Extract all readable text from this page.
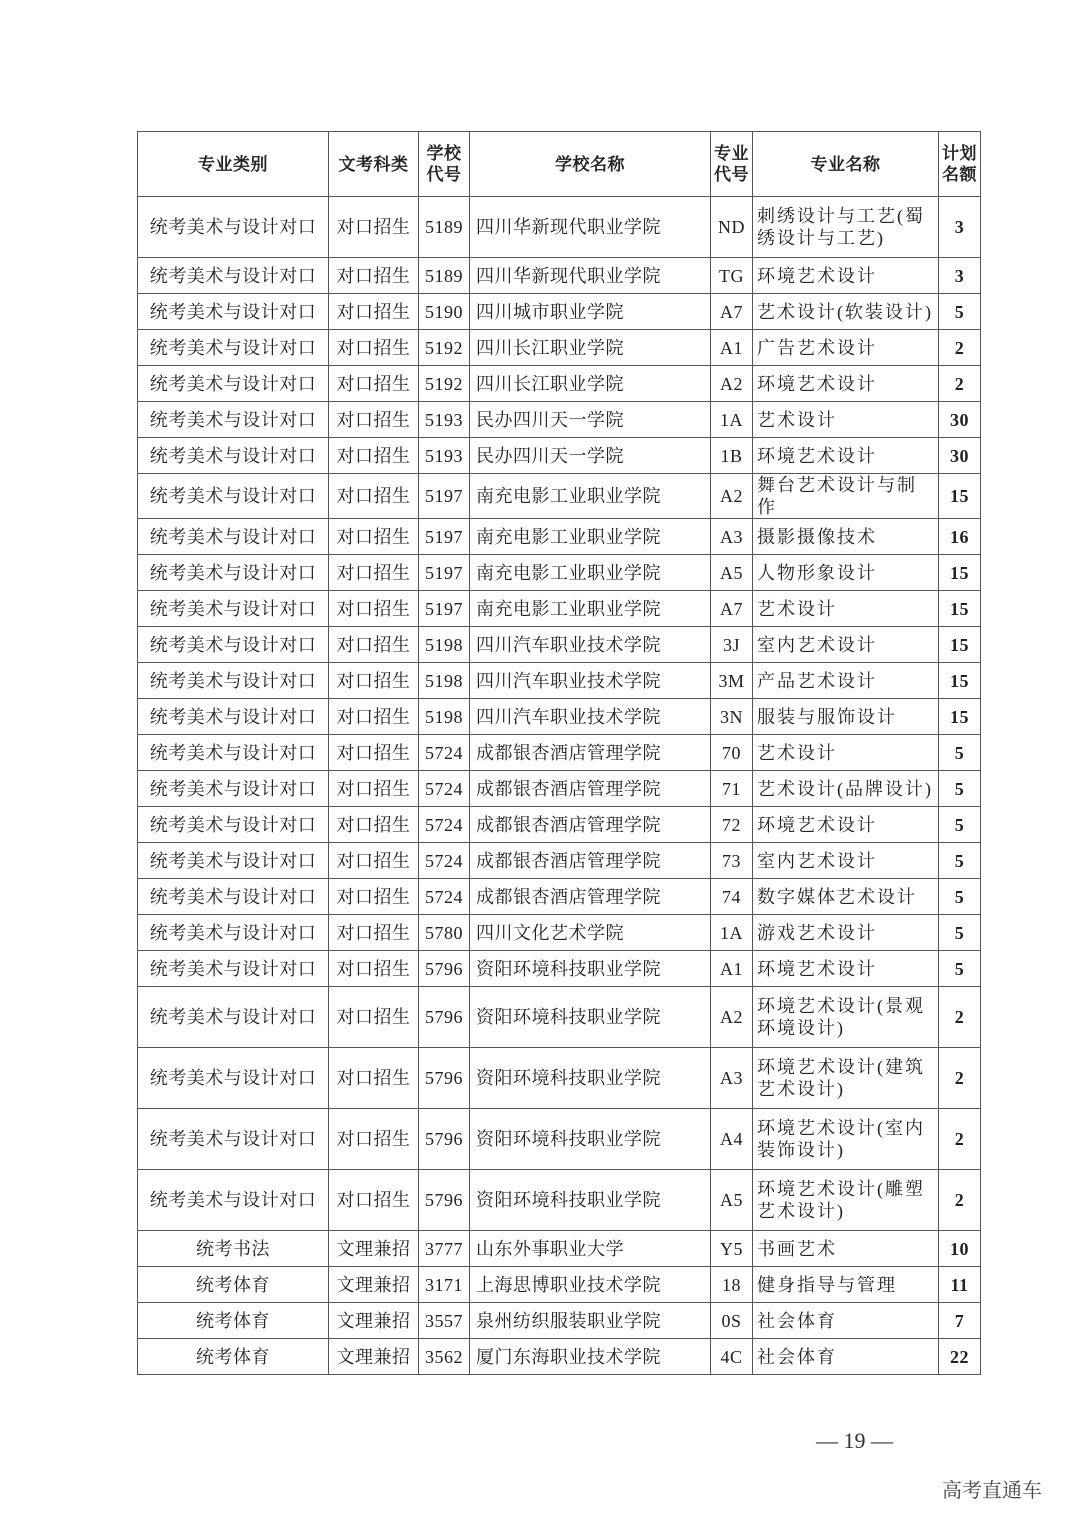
专业类别	文考科类	学校代号	学校名称	专业代号	专业名称	计划名额
统考美术与设计对口	对口招生	5189	四川华新现代职业学院	ND	刺绣设计与工艺(蜀绣设计与工艺)	3
统考美术与设计对口	对口招生	5189	四川华新现代职业学院	TG	环境艺术设计	3
统考美术与设计对口	对口招生	5190	四川城市职业学院	A7	艺术设计(软装设计)	5
统考美术与设计对口	对口招生	5192	四川长江职业学院	A1	广告艺术设计	2
统考美术与设计对口	对口招生	5192	四川长江职业学院	A2	环境艺术设计	2
统考美术与设计对口	对口招生	5193	民办四川天一学院	1A	艺术设计	30
统考美术与设计对口	对口招生	5193	民办四川天一学院	1B	环境艺术设计	30
统考美术与设计对口	对口招生	5197	南充电影工业职业学院	A2	舞台艺术设计与制作	15
统考美术与设计对口	对口招生	5197	南充电影工业职业学院	A3	摄影摄像技术	16
统考美术与设计对口	对口招生	5197	南充电影工业职业学院	A5	人物形象设计	15
统考美术与设计对口	对口招生	5197	南充电影工业职业学院	A7	艺术设计	15
统考美术与设计对口	对口招生	5198	四川汽车职业技术学院	3J	室内艺术设计	15
统考美术与设计对口	对口招生	5198	四川汽车职业技术学院	3M	产品艺术设计	15
统考美术与设计对口	对口招生	5198	四川汽车职业技术学院	3N	服装与服饰设计	15
统考美术与设计对口	对口招生	5724	成都银杏酒店管理学院	70	艺术设计	5
统考美术与设计对口	对口招生	5724	成都银杏酒店管理学院	71	艺术设计(品牌设计)	5
统考美术与设计对口	对口招生	5724	成都银杏酒店管理学院	72	环境艺术设计	5
统考美术与设计对口	对口招生	5724	成都银杏酒店管理学院	73	室内艺术设计	5
统考美术与设计对口	对口招生	5724	成都银杏酒店管理学院	74	数字媒体艺术设计	5
统考美术与设计对口	对口招生	5780	四川文化艺术学院	1A	游戏艺术设计	5
统考美术与设计对口	对口招生	5796	资阳环境科技职业学院	A1	环境艺术设计	5
统考美术与设计对口	对口招生	5796	资阳环境科技职业学院	A2	环境艺术设计(景观环境设计)	2
统考美术与设计对口	对口招生	5796	资阳环境科技职业学院	A3	环境艺术设计(建筑艺术设计)	2
统考美术与设计对口	对口招生	5796	资阳环境科技职业学院	A4	环境艺术设计(室内装饰设计)	2
统考美术与设计对口	对口招生	5796	资阳环境科技职业学院	A5	环境艺术设计(雕塑艺术设计)	2
统考书法	文理兼招	3777	山东外事职业大学	Y5	书画艺术	10
统考体育	文理兼招	3171	上海思博职业技术学院	18	健身指导与管理	11
统考体育	文理兼招	3557	泉州纺织服装职业学院	0S	社会体育	7
统考体育	文理兼招	3562	厦门东海职业技术学院	4C	社会体育	22
— 19 —
高考直通车
